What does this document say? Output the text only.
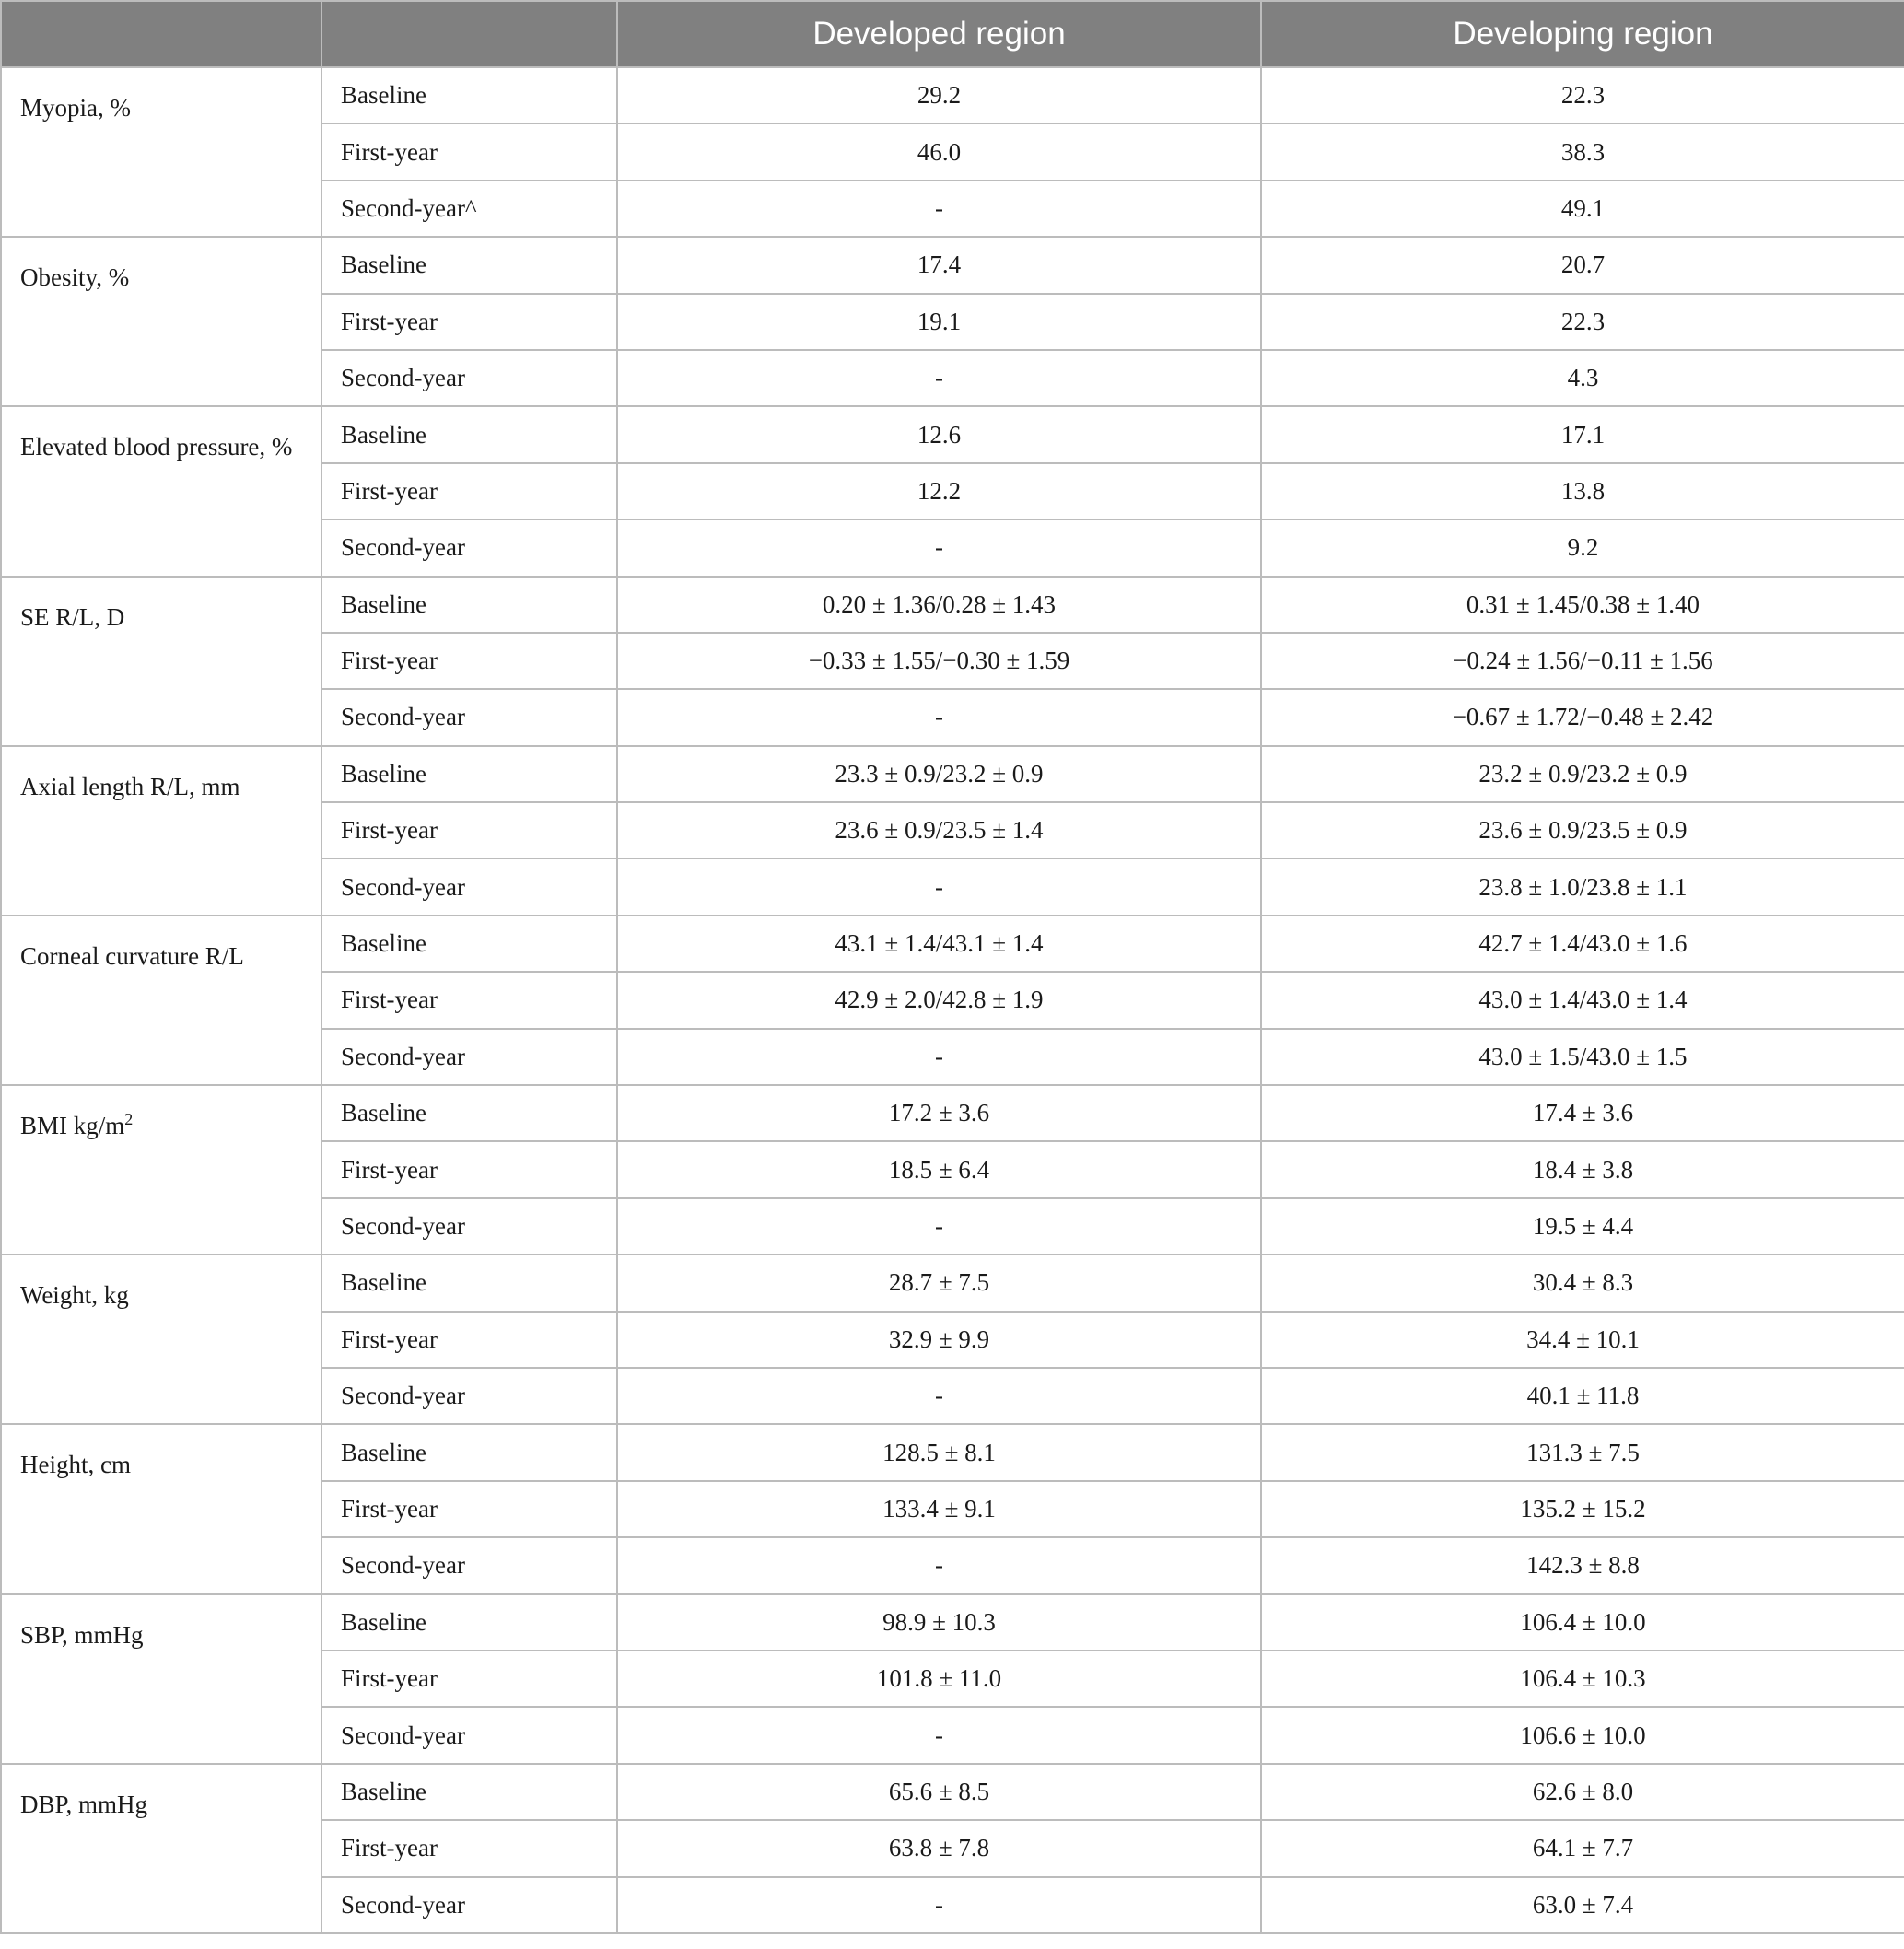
		Developed region	Developing region
Myopia, %	Baseline	29.2	22.3
	First-year	46.0	38.3
	Second-year^	-	49.1
Obesity, %	Baseline	17.4	20.7
	First-year	19.1	22.3
	Second-year	-	4.3
Elevated blood pressure, %	Baseline	12.6	17.1
	First-year	12.2	13.8
	Second-year	-	9.2
SE R/L, D	Baseline	0.20 ± 1.36/0.28 ± 1.43	0.31 ± 1.45/0.38 ± 1.40
	First-year	−0.33 ± 1.55/−0.30 ± 1.59	−0.24 ± 1.56/−0.11 ± 1.56
	Second-year	-	−0.67 ± 1.72/−0.48 ± 2.42
Axial length R/L, mm	Baseline	23.3 ± 0.9/23.2 ± 0.9	23.2 ± 0.9/23.2 ± 0.9
	First-year	23.6 ± 0.9/23.5 ± 1.4	23.6 ± 0.9/23.5 ± 0.9
	Second-year	-	23.8 ± 1.0/23.8 ± 1.1
Corneal curvature R/L	Baseline	43.1 ± 1.4/43.1 ± 1.4	42.7 ± 1.4/43.0 ± 1.6
	First-year	42.9 ± 2.0/42.8 ± 1.9	43.0 ± 1.4/43.0 ± 1.4
	Second-year	-	43.0 ± 1.5/43.0 ± 1.5
BMI $kg/m^2$	Baseline	17.2 ± 3.6	17.4 ± 3.6
	First-year	18.5 ± 6.4	18.4 ± 3.8
	Second-year	-	19.5 ± 4.4
Weight, kg	Baseline	28.7 ± 7.5	30.4 ± 8.3
	First-year	32.9 ± 9.9	34.4 ± 10.1
	Second-year	-	40.1 ± 11.8
Height, cm	Baseline	128.5 ± 8.1	131.3 ± 7.5
	First-year	133.4 ± 9.1	135.2 ± 15.2
	Second-year	-	142.3 ± 8.8
SBP, mmHg	Baseline	98.9 ± 10.3	106.4 ± 10.0
	First-year	101.8 ± 11.0	106.4 ± 10.3
	Second-year	-	106.6 ± 10.0
DBP, mmHg	Baseline	65.6 ± 8.5	62.6 ± 8.0
	First-year	63.8 ± 7.8	64.1 ± 7.7
	Second-year	-	63.0 ± 7.4
